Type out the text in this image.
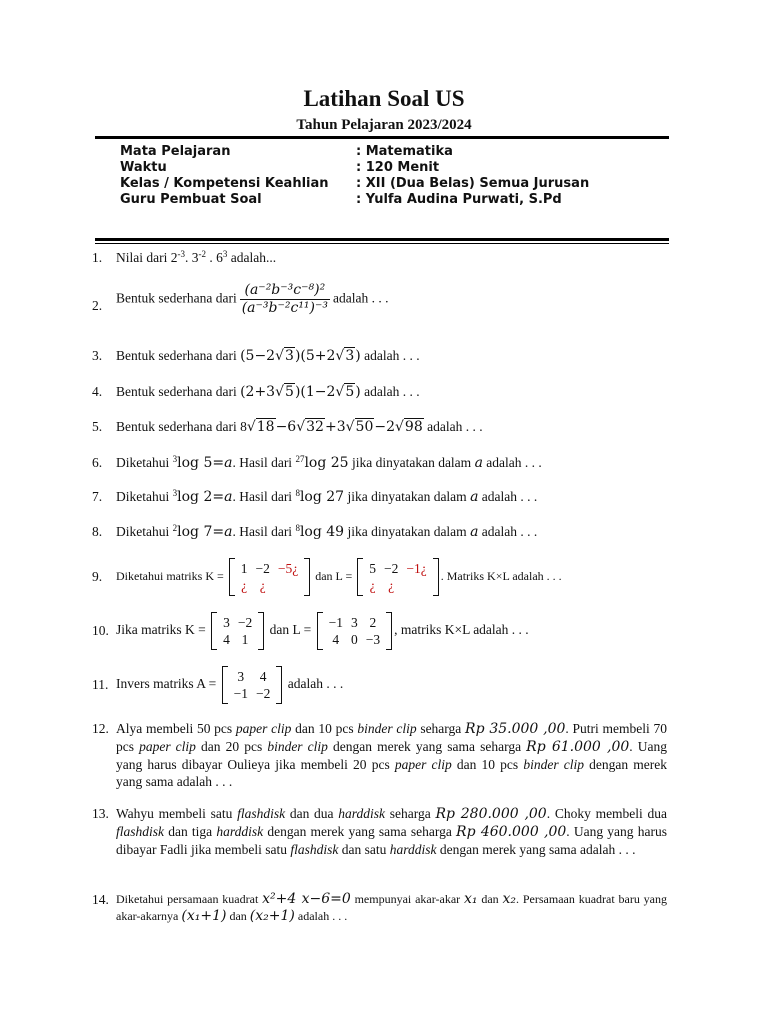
Latihan Soal US
Tahun Pelajaran 2023/2024
Mata Pelajaran	: Matematika
Waktu	: 120 Menit
Kelas / Kompetensi Keahlian	: XII (Dua Belas) Semua Jurusan
Guru Pembuat Soal	: Yulfa Audina Purwati, S.Pd
1. Nilai dari $2^{-3}$. $3^{-2}$ . $6^3$ adalah...
2. Bentuk sederhana dari $\frac{\text{(a⁻²b⁻³c⁻⁸)²}}{\text{(a⁻³b⁻²c¹¹)⁻³}}$ adalah . . .
3. Bentuk sederhana dari (5−2√3)(5+2√3) adalah . . .
4. Bentuk sederhana dari (2+3√5)(1−2√5) adalah . . .
5. Bentuk sederhana dari 8√18−6√32+3√50−2√98 adalah . . .
6. Diketahui $^3$log 5=a. Hasil dari $^{27}$log 25 jika dinyatakan dalam a adalah . . .
7. Diketahui $^3$log 2=a. Hasil dari $^8$log 27 jika dinyatakan dalam a adalah . . .
8. Diketahui $^2$log 7=a. Hasil dari $^8$log 49 jika dinyatakan dalam a adalah . . .
9. Diketahui matriks K = 1	−2	−5¿
¿	¿	
dan L = 5	−2	−1¿
¿	¿	
. Matriks K×L adalah . . .
10. Jika matriks K = 3	−2
4	1
dan L = −1	3	2
4	0	−3
, matriks K×L adalah . . .
11. Invers matriks A = 3	4
−1	−2
adalah . . .
12. Alya membeli 50 pcs paper clip dan 10 pcs binder clip seharga Rp 35.000 ,00. Putri membeli 70 pcs paper clip dan 20 pcs binder clip dengan merek yang sama seharga Rp 61.000 ,00. Uang yang harus dibayar Oulieya jika membeli 20 pcs paper clip dan 10 pcs binder clip dengan merek yang sama adalah . . .
13. Wahyu membeli satu flashdisk dan dua harddisk seharga Rp 280.000 ,00. Choky membeli dua flashdisk dan tiga harddisk dengan merek yang sama seharga Rp 460.000 ,00. Uang yang harus dibayar Fadli jika membeli satu flashdisk dan satu harddisk dengan merek yang sama adalah . . .
14. Diketahui persamaan kuadrat x²+4 x−6=0 mempunyai akar-akar x₁ dan x₂. Persamaan kuadrat baru yang akar-akarnya (x₁+1) dan (x₂+1) adalah . . .
